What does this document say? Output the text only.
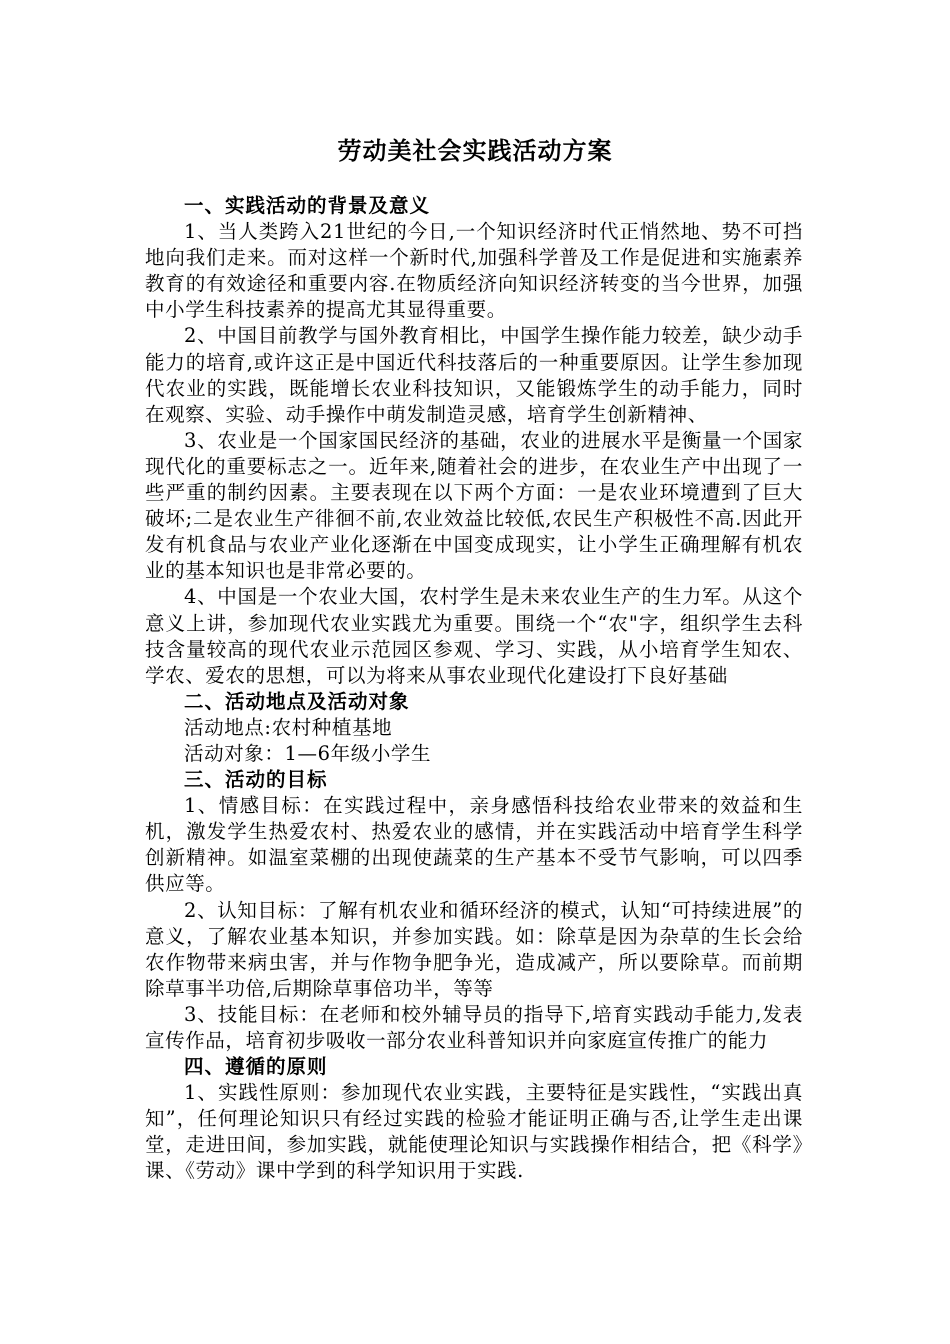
劳动美社会实践活动方案

一、实践活动的背景及意义

1、当人类跨入21世纪的今日,一个知识经济时代正悄然地、势不可挡地向我们走来。而对这样一个新时代,加强科学普及工作是促进和实施素养教育的有效途径和重要内容.在物质经济向知识经济转变的当今世界，加强中小学生科技素养的提高尤其显得重要。

2、中国目前教学与国外教育相比，中国学生操作能力较差，缺少动手能力的培育,或许这正是中国近代科技落后的一种重要原因。让学生参加现代农业的实践，既能增长农业科技知识，又能锻炼学生的动手能力，同时在观察、实验、动手操作中萌发制造灵感，培育学生创新精神、

3、农业是一个国家国民经济的基础，农业的进展水平是衡量一个国家现代化的重要标志之一。近年来,随着社会的进步，在农业生产中出现了一些严重的制约因素。主要表现在以下两个方面：一是农业环境遭到了巨大破坏;二是农业生产徘徊不前,农业效益比较低,农民生产积极性不高.因此开发有机食品与农业产业化逐渐在中国变成现实，让小学生正确理解有机农业的基本知识也是非常必要的。

4、中国是一个农业大国，农村学生是未来农业生产的生力军。从这个意义上讲，参加现代农业实践尤为重要。围绕一个“农"字，组织学生去科技含量较高的现代农业示范园区参观、学习、实践，从小培育学生知农、学农、爱农的思想，可以为将来从事农业现代化建设打下良好基础

二、活动地点及活动对象

活动地点:农村种植基地

活动对象：1—6年级小学生

三、活动的目标

1、情感目标：在实践过程中，亲身感悟科技给农业带来的效益和生机，激发学生热爱农村、热爱农业的感情，并在实践活动中培育学生科学创新精神。如温室菜棚的出现使蔬菜的生产基本不受节气影响，可以四季供应等。

2、认知目标：了解有机农业和循环经济的模式，认知“可持续进展”的意义，了解农业基本知识，并参加实践。如：除草是因为杂草的生长会给农作物带来病虫害，并与作物争肥争光，造成减产，所以要除草。而前期除草事半功倍,后期除草事倍功半，等等

3、技能目标：在老师和校外辅导员的指导下,培育实践动手能力,发表宣传作品，培育初步吸收一部分农业科普知识并向家庭宣传推广的能力

四、遵循的原则

1、实践性原则：参加现代农业实践，主要特征是实践性，“实践出真知”，任何理论知识只有经过实践的检验才能证明正确与否,让学生走出课堂，走进田间，参加实践，就能使理论知识与实践操作相结合，把《科学》课、《劳动》课中学到的科学知识用于实践.
